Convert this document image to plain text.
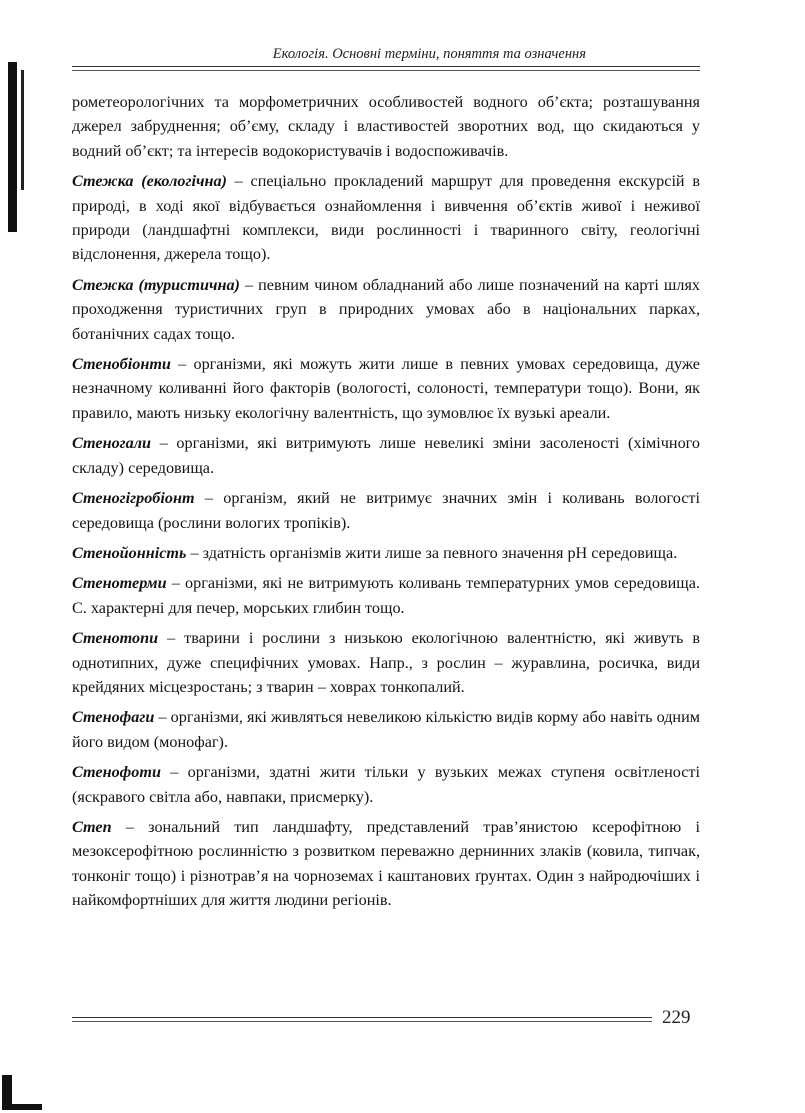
Екологія. Основні терміни, поняття та означення

рометеорологічних та морфометричних особливостей водного об’єкта; розташування джерел забруднення; об’єму, складу і властивостей зворотних вод, що скидаються у водний об’єкт; та інтересів водокористувачів і водоспоживачів.

Стежка (екологічна) – спеціально прокладений маршрут для проведення екскурсій в природі, в ході якої відбувається ознайомлення і вивчення об’єктів живої і неживої природи (ландшафтні комплекси, види рослинності і тваринного світу, геологічні відслонення, джерела тощо).

Стежка (туристична) – певним чином обладнаний або лише позначений на карті шлях проходження туристичних груп в природних умовах або в національних парках, ботанічних садах тощо.

Стенобіонти – організми, які можуть жити лише в певних умовах середовища, дуже незначному коливанні його факторів (вологості, солоності, температури тощо). Вони, як правило, мають низьку екологічну валентність, що зумовлює їх вузькі ареали.

Стеногали – організми, які витримують лише невеликі зміни засоленості (хімічного складу) середовища.

Стеногігробіонт – організм, який не витримує значних змін і коливань вологості середовища (рослини вологих тропіків).

Стенойонність – здатність організмів жити лише за певного значення рН середовища.

Стенотерми – організми, які не витримують коливань температурних умов середовища. С. характерні для печер, морських глибин тощо.

Стенотопи – тварини і рослини з низькою екологічною валентністю, які живуть в однотипних, дуже специфічних умовах. Напр., з рослин – журавлина, росичка, види крейдяних місцезростань; з тварин – ховрах тонкопалий.

Стенофаги – організми, які живляться невеликою кількістю видів корму або навіть одним його видом (монофаг).

Стенофоти – організми, здатні жити тільки у вузьких межах ступеня освітленості (яскравого світла або, навпаки, присмерку).

Степ – зональний тип ландшафту, представлений трав’янистою ксерофітною і мезоксерофітною рослинністю з розвитком переважно дернинних злаків (ковила, типчак, тонконіг тощо) і різнотрав’я на чорноземах і каштанових ґрунтах. Один з найродючіших і найкомфортніших для життя людини регіонів.

229
